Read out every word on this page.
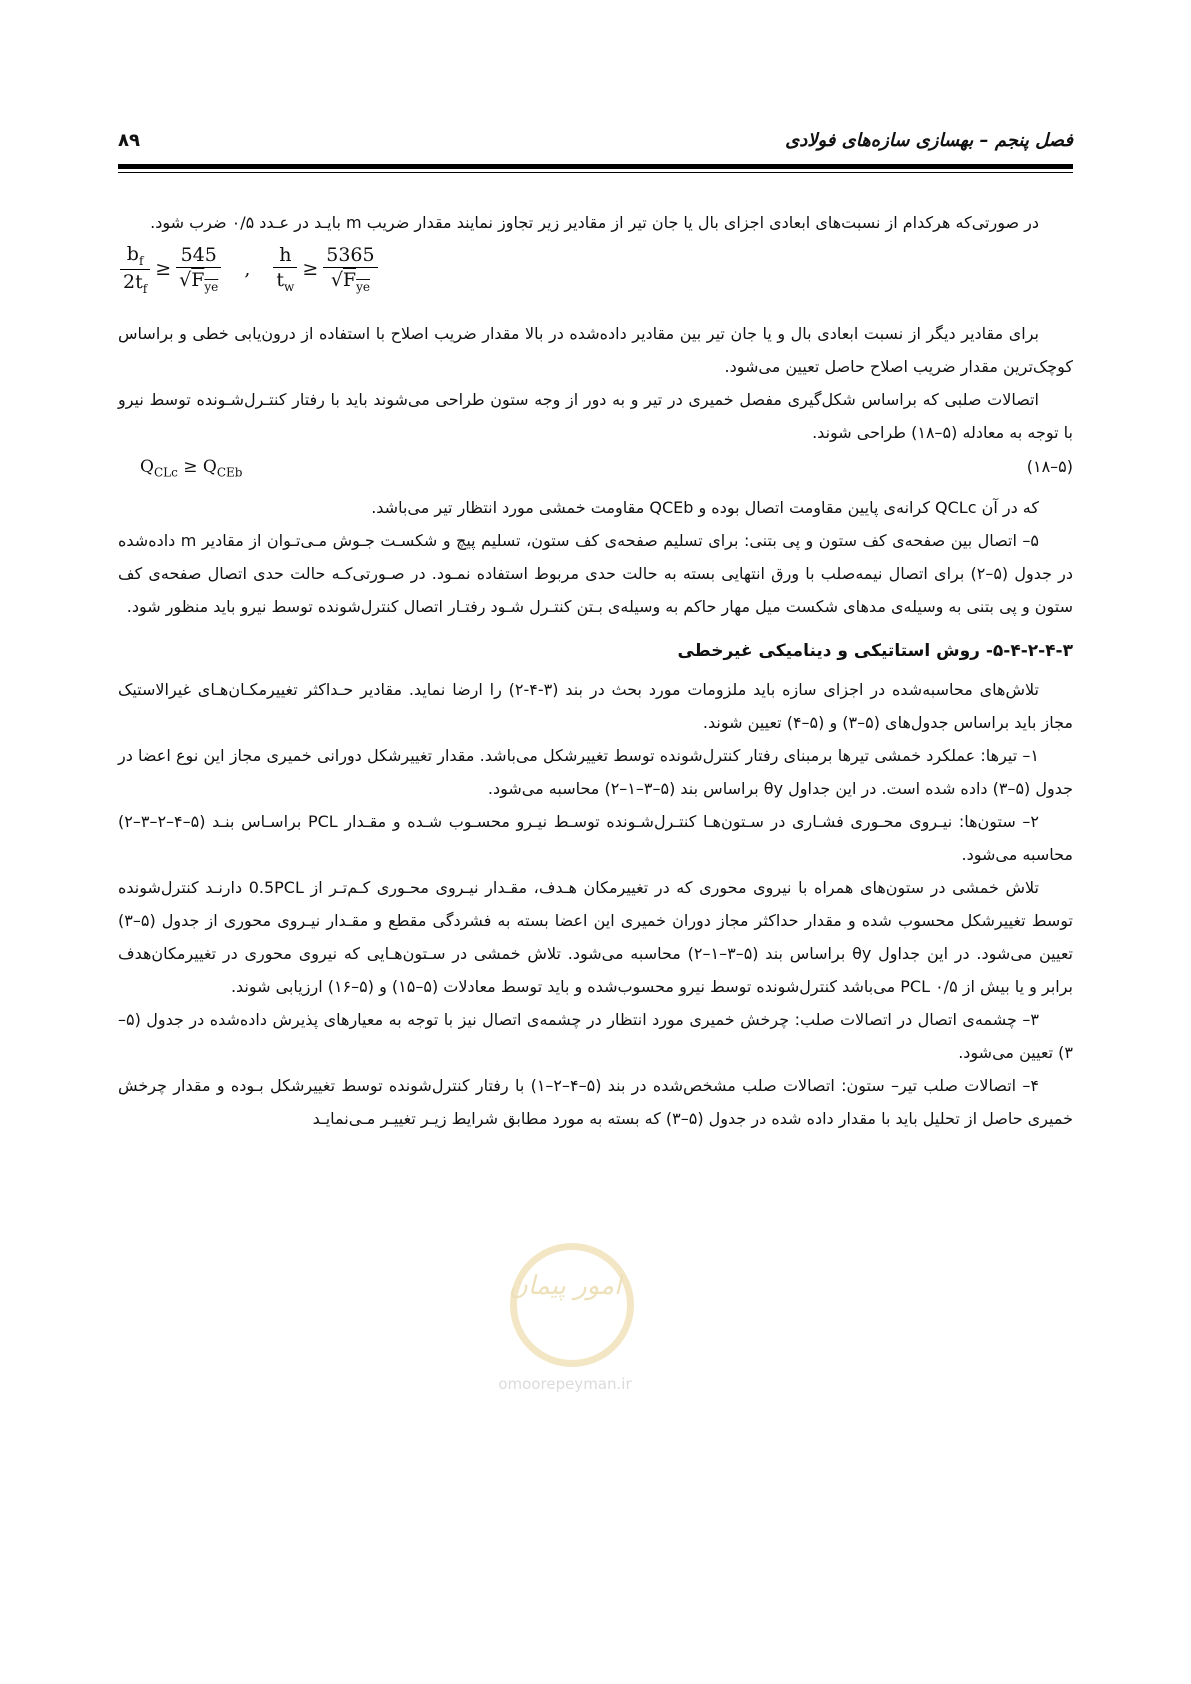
فصل پنجم – بهسازی سازه‌های فولادی
۸۹

در صورتی‌که هرکدام از نسبت‌های ابعادی اجزای بال یا جان تیر از مقادیر زیر تجاوز نمایند مقدار ضریب m بایـد در عـدد ۰/۵ ضرب شود.

$\frac{b_f}{2t_f} \ge \frac{545}{√F_{ye}}$ , $\frac{h}{t_w} \ge \frac{5365}{√F_{ye}}$

برای مقادیر دیگر از نسبت ابعادی بال و یا جان تیر بین مقادیر داده‌شده در بالا مقدار ضریب اصلاح با استفاده از درون‌یابی خطی و براساس کوچک‌ترین مقدار ضریب اصلاح حاصل تعیین می‌شود.

اتصالات صلبی که براساس شکل‌گیری مفصل خمیری در تیر و به دور از وجه ستون طراحی می‌شوند باید با رفتار کنتـرل‌شـونده توسط نیرو با توجه به معادله (۵–۱۸) طراحی شوند.

$Q_{CLc} \ge Q_{CEb}$	(۵–۱۸)

که در آن QCLc کرانه‌ی پایین مقاومت اتصال بوده و QCEb مقاومت خمشی مورد انتظار تیر می‌باشد.

۵– اتصال بین صفحه‌ی کف ستون و پی بتنی: برای تسلیم صفحه‌ی کف ستون، تسلیم پیچ و شکسـت جـوش مـی‌تـوان از مقادیر m داده‌شده در جدول (۵–۲) برای اتصال نیمه‌صلب با ورق انتهایی بسته به حالت حدی مربوط استفاده نمـود. در صـورتی‌کـه حالت حدی اتصال صفحه‌ی کف ستون و پی بتنی به وسیله‌ی مدهای شکست میل مهار حاکم به وسیله‌ی بـتن کنتـرل شـود رفتـار اتصال کنترل‌شونده توسط نیرو باید منظور شود.

۵-۴-۲-۴-۳- روش استاتیکی و دینامیکی غیرخطی

تلاش‌های محاسبه‌شده در اجزای سازه باید ملزومات مورد بحث در بند (۳-۴-۲) را ارضا نماید. مقادیر حـداکثر تغییرمکـان‌هـای غیرالاستیک مجاز باید براساس جدول‌های (۵–۳) و (۵–۴) تعیین شوند.

۱– تیرها: عملکرد خمشی تیرها برمبنای رفتار کنترل‌شونده توسط تغییرشکل می‌باشد. مقدار تغییرشکل دورانی خمیری مجاز این نوع اعضا در جدول (۵–۳) داده شده است. در این جداول θy براساس بند (۵–۳–۱–۲) محاسبه می‌شود.

۲– ستون‌ها: نیـروی محـوری فشـاری در سـتون‌هـا کنتـرل‌شـونده توسـط نیـرو محسـوب شـده و مقـدار PCL براسـاس بنـد (۵–۴–۲–۳–۲) محاسبه می‌شود.

تلاش خمشی در ستون‌های همراه با نیروی محوری که در تغییرمکان هـدف، مقـدار نیـروی محـوری کـم‌تـر از 0.5PCL دارنـد کنترل‌شونده توسط تغییرشکل محسوب شده و مقدار حداکثر مجاز دوران خمیری این اعضا بسته به فشردگی مقطع و مقـدار نیـروی محوری از جدول (۵–۳) تعیین می‌شود. در این جداول θy براساس بند (۵–۳–۱–۲) محاسبه می‌شود. تلاش خمشی در سـتون‌هـایی که نیروی محوری در تغییرمکان‌هدف برابر و یا بیش از ۰/۵ PCL می‌باشد کنترل‌شونده توسط نیرو محسوب‌شده و باید توسط معادلات (۵–۱۵) و (۵–۱۶) ارزیابی شوند.

۳– چشمه‌ی اتصال در اتصالات صلب: چرخش خمیری مورد انتظار در چشمه‌ی اتصال نیز با توجه به معیارهای پذیرش داده‌شده در جدول (۵–۳) تعیین می‌شود.

۴– اتصالات صلب تیر– ستون: اتصالات صلب مشخص‌شده در بند (۵–۴–۲–۱) با رفتار کنترل‌شونده توسط تغییرشکل بـوده و مقدار چرخش خمیری حاصل از تحلیل باید با مقدار داده شده در جدول (۵–۳) که بسته به مورد مطابق شرایط زیـر تغییـر مـی‌نمایـد

امور پیمان
omoorepeyman.ir
